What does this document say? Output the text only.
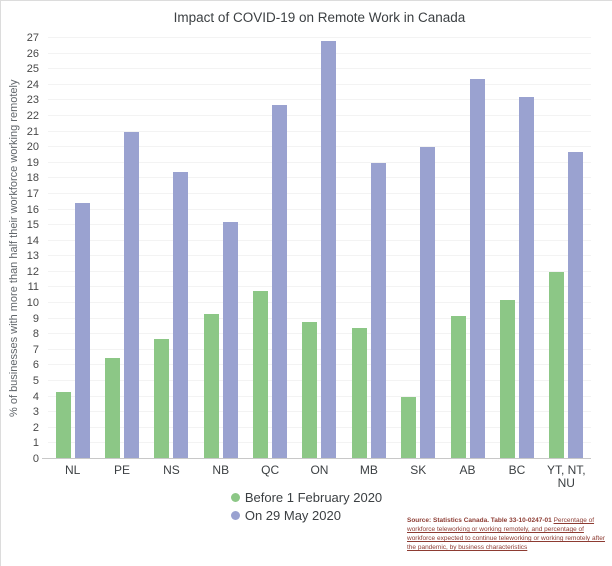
Impact of COVID-19 on Remote Work in Canada
% of businesses with more than half their workforce working remotely
0
1
2
3
4
5
6
7
8
9
10
11
12
13
14
15
16
17
18
19
20
21
22
23
24
25
26
27
NL	PE	NS	NB	QC	ON	MB	SK	AB	BC	YT, NT, NU
Before 1 February 2020
On 29 May 2020	Source: Statistics Canada. Table 33-10-0247-01 Percentage of workforce teleworking or working remotely, and percentage of workforce expected to continue teleworking or working remotely after the pandemic, by business characteristics
